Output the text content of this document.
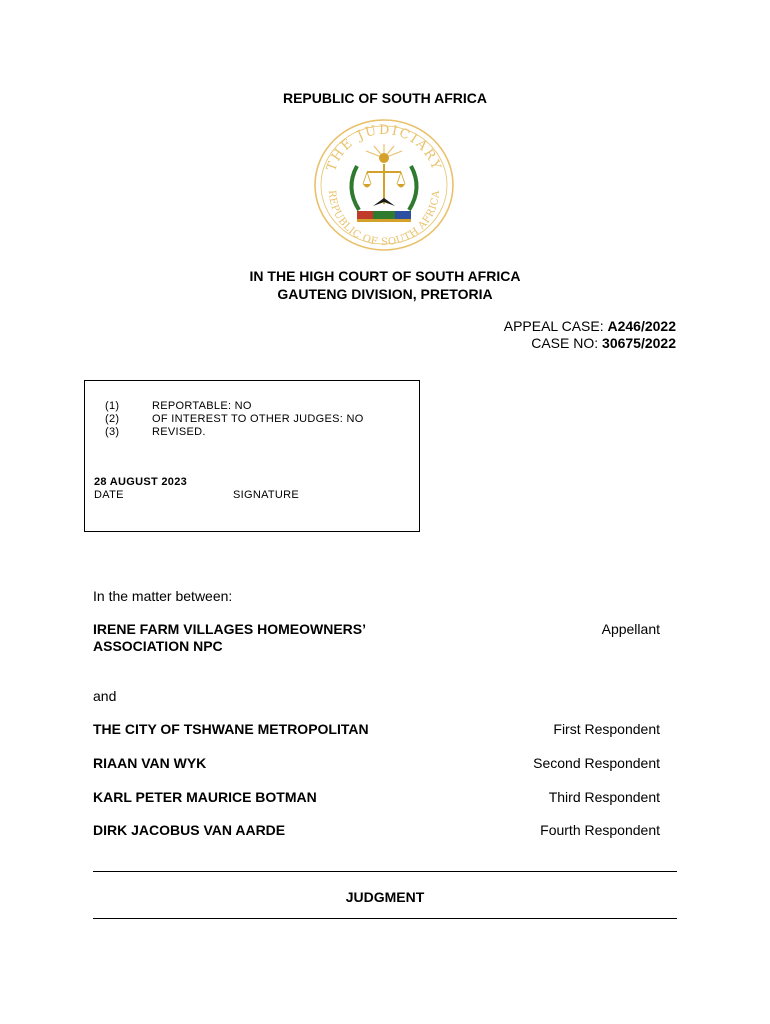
REPUBLIC OF SOUTH AFRICA
THE JUDICIARY
REPUBLIC OF SOUTH AFRICA
IN THE HIGH COURT OF SOUTH AFRICA
GAUTENG DIVISION, PRETORIA
APPEAL CASE: A246/2022
CASE NO: 30675/2022
(1)	REPORTABLE: NO
(2)	OF INTEREST TO OTHER JUDGES: NO
(3)	REVISED.
28 AUGUST 2023
DATE	SIGNATURE
In the matter between:
IRENE FARM VILLAGES HOMEOWNERS’
ASSOCIATION NPC
Appellant
and
THE CITY OF TSHWANE METROPOLITAN	First Respondent
RIAAN VAN WYK	Second Respondent
KARL PETER MAURICE BOTMAN	Third Respondent
DIRK JACOBUS VAN AARDE	Fourth Respondent
JUDGMENT
